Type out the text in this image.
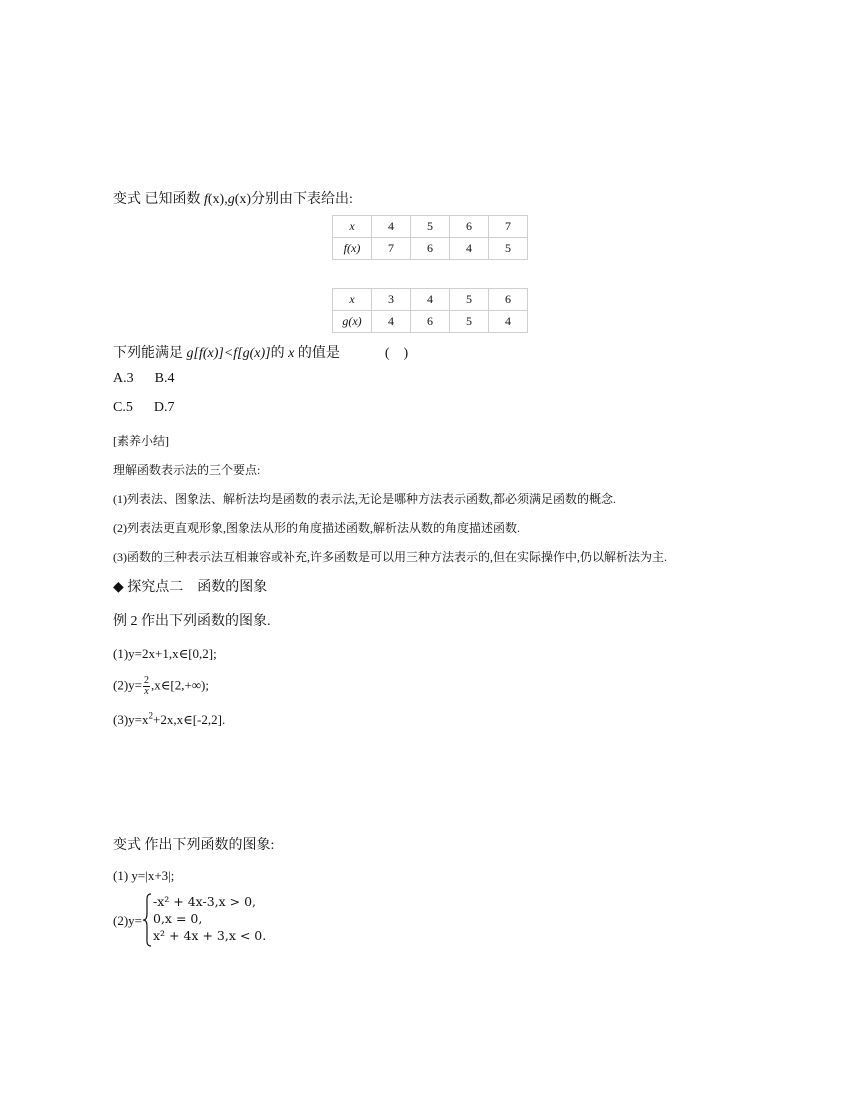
变式 已知函数 f(x),g(x)分别由下表给出:
x	4	5	6	7
f(x)	7	6	4	5
x	3	4	5	6
g(x)	4	6	5	4
下列能满足 g[f(x)]<f[g(x)]的 x 的值是	(    )
A.3      B.4
C.5      D.7
[素养小结]
理解函数表示法的三个要点:
(1)列表法、图象法、解析法均是函数的表示法,无论是哪种方法表示函数,都必须满足函数的概念.
(2)列表法更直观形象,图象法从形的角度描述函数,解析法从数的角度描述函数.
(3)函数的三种表示法互相兼容或补充,许多函数是可以用三种方法表示的,但在实际操作中,仍以解析法为主.
◆ 探究点二    函数的图象
例 2 作出下列函数的图象.
(1)y=2x+1,x∈[0,2];
$(2)y= \frac{2}{x}$ ,x∈[2,+∞);
$(3)y=x^2+2x,x\in[-2,2]$.
变式 作出下列函数的图象:
(1) y=|x+3|;
(2)y=
-x² + 4x-3,x > 0,
0,x = 0,
x² + 4x + 3,x < 0.
